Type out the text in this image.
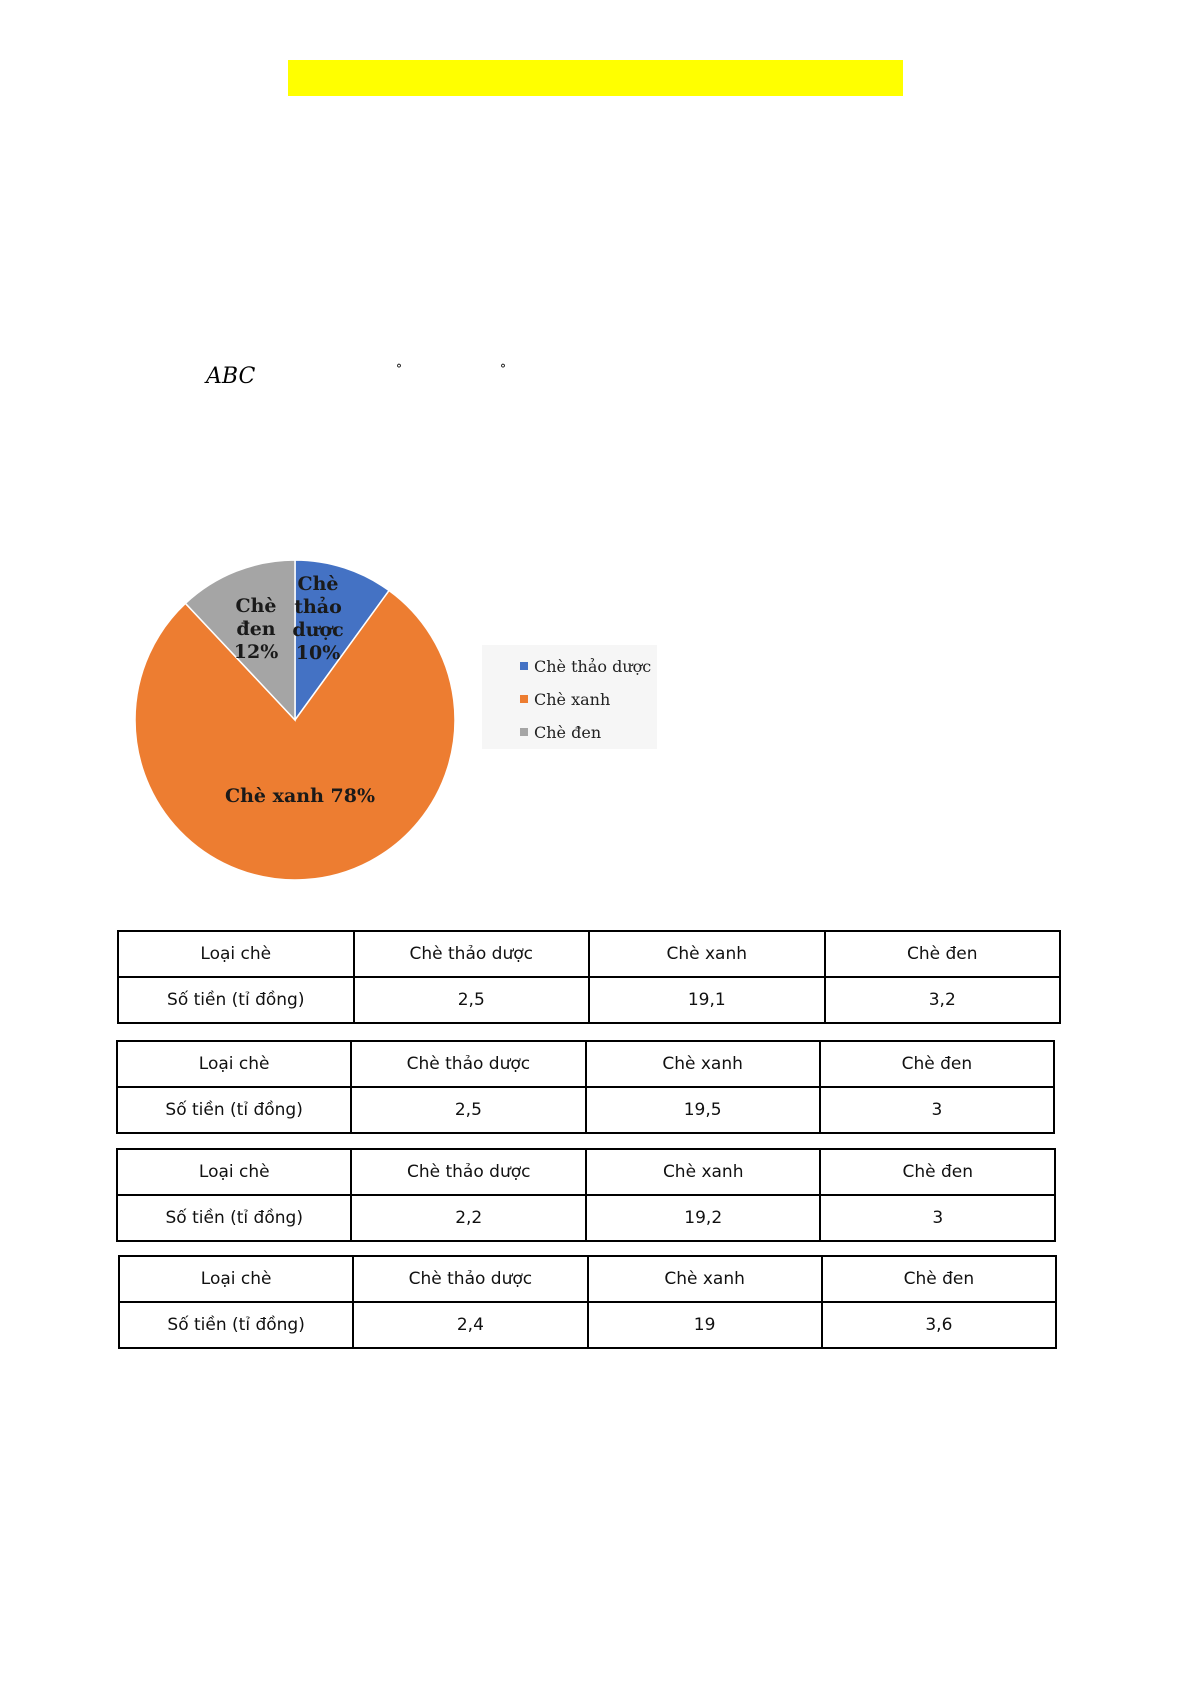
ABC	°	°
Chè thảo dược
Chè xanh
Chè đen
Chè
thảo
dược
10%
Chè
đen
12%
Chè xanh 78%
Loại chè	Chè thảo dược	Chè xanh	Chè đen
Số tiền (tỉ đồng)	2,5	19,1	3,2
Loại chè	Chè thảo dược	Chè xanh	Chè đen
Số tiền (tỉ đồng)	2,5	19,5	3
Loại chè	Chè thảo dược	Chè xanh	Chè đen
Số tiền (tỉ đồng)	2,2	19,2	3
Loại chè	Chè thảo dược	Chè xanh	Chè đen
Số tiền (tỉ đồng)	2,4	19	3,6
